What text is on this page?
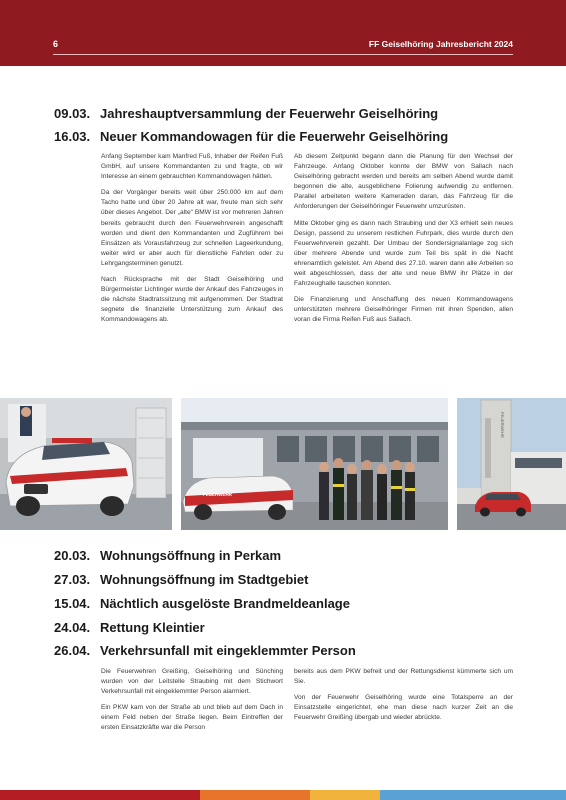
6	FF Geiselhöring Jahresbericht 2024
09.03. Jahreshauptversammlung der Feuerwehr Geiselhöring
16.03. Neuer Kommandowagen für die Feuerwehr Geiselhöring

Anfang September kam Manfred Fuß, Inhaber der Reifen Fuß GmbH, auf unsere Kommandanten zu und fragte, ob wir Interesse an einem gebrauchten Kommandowagen hätten.

Da der Vorgänger bereits weit über 250.000 km auf dem Tacho hatte und über 20 Jahre alt war, freute man sich sehr über dieses Angebot. Der „alte“ BMW ist vor mehreren Jahren bereits gebraucht durch den Feuerwehrverein angeschafft worden und dient den Kommandanten und Zugführern bei Einsätzen als Vorausfahrzeug zur schnellen Lageerkundung, weiter wird er aber auch für dienstliche Fahrten oder zu Lehrgangsterminen genutzt.

Nach Rücksprache mit der Stadt Geiselhöring und Bürgermeister Lichtinger wurde der Ankauf des Fahrzeuges in die nächste Stadtratssitzung mit aufgenommen. Der Stadtrat segnete die finanzielle Unterstützung zum Ankauf des Kommandowagens ab.

Ab diesem Zeitpunkt begann dann die Planung für den Wechsel der Fahrzeuge. Anfang Oktober konnte der BMW von Sallach nach Geiselhöring gebracht werden und bereits am selben Abend wurde damit begonnen die alte, ausgeblichene Folierung aufwendig zu entfernen. Parallel arbeiteten weitere Kameraden daran, das Fahrzeug für die Anforderungen der Geiselhöringer Feuerwehr umzurüsten.

Mitte Oktober ging es dann nach Straubing und der X3 erhielt sein neues Design, passend zu unserem restlichen Fuhrpark, dies wurde durch den Feuerwehrverein gezahlt. Der Umbau der Sondersignalanlage zog sich über mehrere Abende und wurde zum Teil bis spät in die Nacht ehrenamtlich geleistet. Am Abend des 27.10. waren dann alle Arbeiten so weit abgeschlossen, dass der alte und neue BMW ihr Plätze in der Fahrzeughalle tauschen konnten.

Die Finanzierung und Anschaffung des neuen Kommandowagens unterstützten mehrere Geiselhöringer Firmen mit ihren Spenden, allen voran die Firma Reifen Fuß aus Sallach.

FEUERWEHR
FEUERWEHR
20.03. Wohnungsöffnung in Perkam
27.03. Wohnungsöffnung im Stadtgebiet
15.04. Nächtlich ausgelöste Brandmeldeanlage
24.04. Rettung Kleintier
26.04. Verkehrsunfall mit eingeklemmter Person

Die Feuerwehren Greißing, Geiselhöring und Sünching wurden von der Leitstelle Straubing mit dem Stichwort Verkehrsunfall mit eingeklemmter Person alarmiert.

Ein PKW kam von der Straße ab und blieb auf dem Dach in einem Feld neben der Straße liegen. Beim Eintreffen der ersten Einsatzkräfte war die Person

bereits aus dem PKW befreit und der Rettungsdienst kümmerte sich um Sie.

Von der Feuerwehr Geiselhöring wurde eine Totalsperre an der Einsatzstelle eingerichtet, ehe man diese nach kurzer Zeit an die Feuerwehr Greißing übergab und wieder abrückte.
